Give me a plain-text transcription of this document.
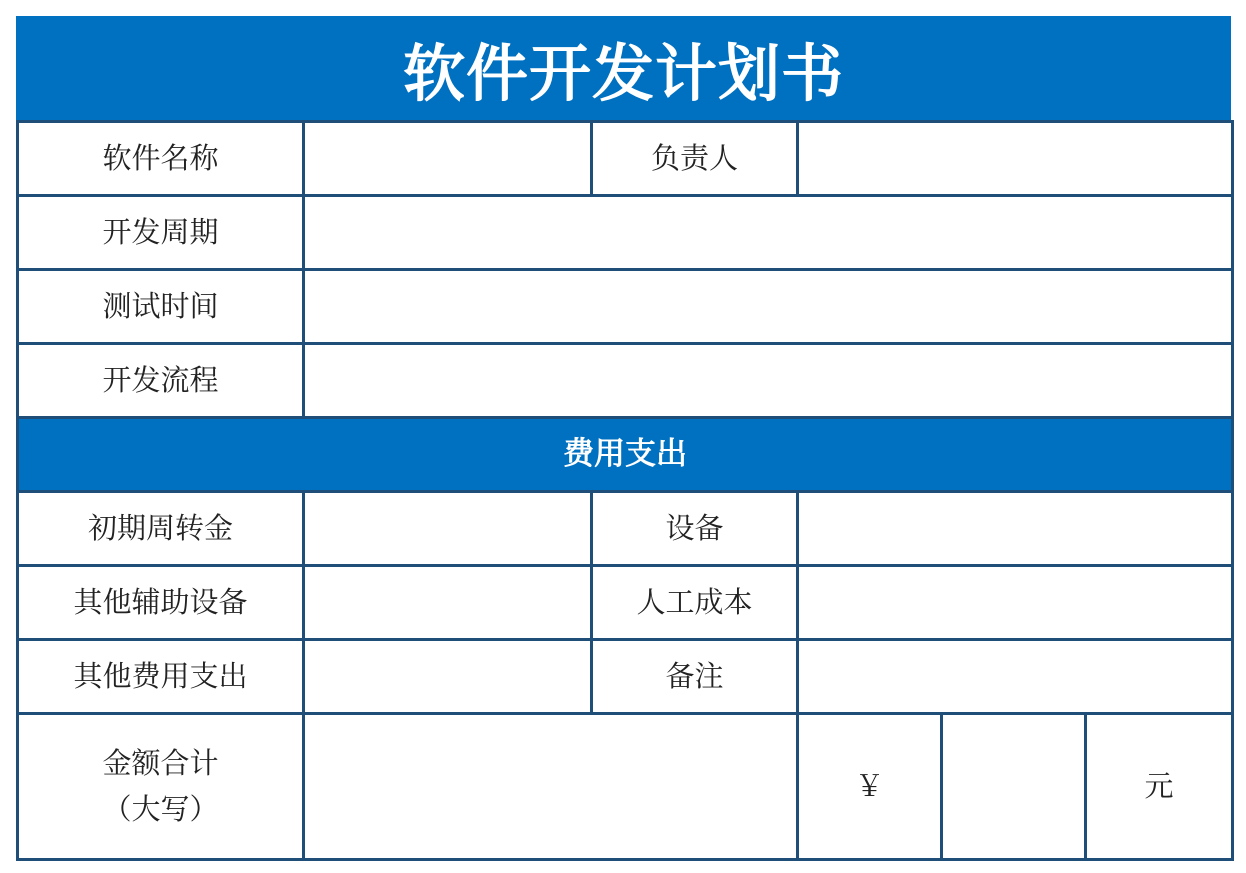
软件开发计划书
软件名称		负责人			
开发周期					
测试时间					
开发流程					
费用支出					
初期周转金		设备			
其他辅助设备		人工成本			
其他费用支出		备注			

金额合计
（大写）			￥		元
